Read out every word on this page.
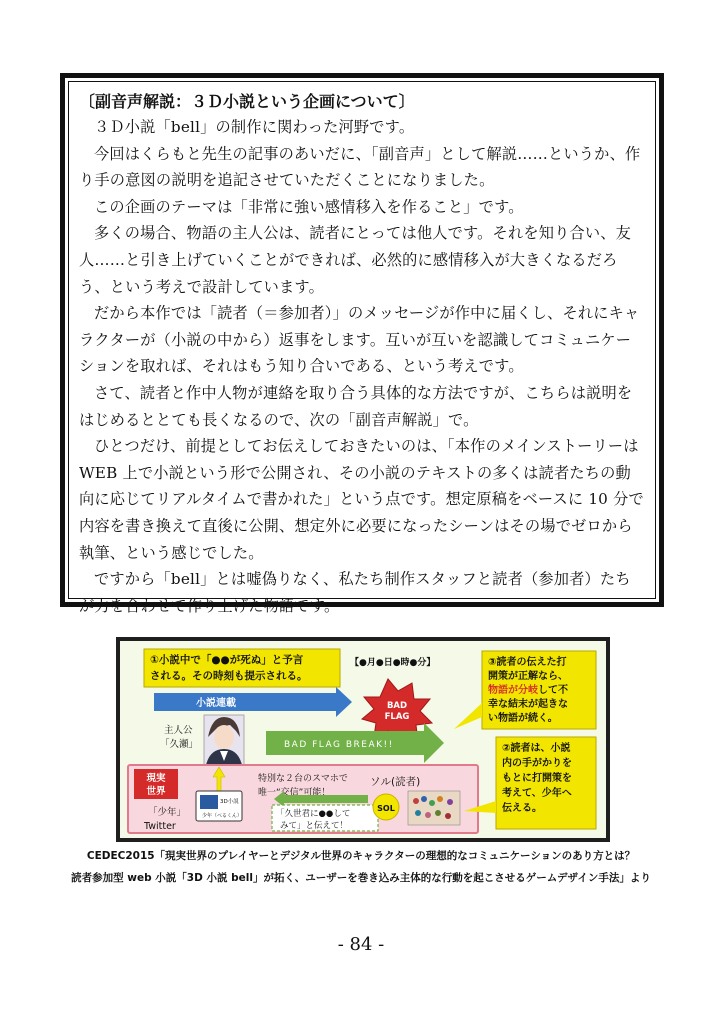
〔副音声解説：３Ｄ小説という企画について〕

３Ｄ小説「bell」の制作に関わった河野です。

今回はくらもと先生の記事のあいだに、「副音声」として解説……というか、作り手の意図の説明を追記させていただくことになりました。

この企画のテーマは「非常に強い感情移入を作ること」です。

多くの場合、物語の主人公は、読者にとっては他人です。それを知り合い、友人……と引き上げていくことができれば、必然的に感情移入が大きくなるだろう、という考えで設計しています。

だから本作では「読者（＝参加者）」のメッセージが作中に届くし、それにキャラクターが（小説の中から）返事をします。互いが互いを認識してコミュニケーションを取れば、それはもう知り合いである、という考えです。

さて、読者と作中人物が連絡を取り合う具体的な方法ですが、こちらは説明をはじめるととても長くなるので、次の「副音声解説」で。

ひとつだけ、前提としてお伝えしておきたいのは、「本作のメインストーリーは WEB 上で小説という形で公開され、その小説のテキストの多くは読者たちの動向に応じてリアルタイムで書かれた」という点です。想定原稿をベースに 10 分で内容を書き換えて直後に公開、想定外に必要になったシーンはその場でゼロから執筆、という感じでした。

ですから「bell」とは嘘偽りなく、私たち制作スタッフと読者（参加者）たちが力を合わせて作り上げた物語です。

①小説中で「●●が死ぬ」と予言
される。その時刻も提示される。
【●月●日●時●分】
小説連載	BAD
FLAG
③読者の伝えた打
開策が正解なら、
物語が分岐して不
幸な結末が起きな
い物語が続く。
主人公
「久瀬」	BAD FLAG BREAK!!
現実
世界
3D小説
少年（べるくん）
「少年」
Twitter
特別な２台のスマホで
唯一“交信”可能！
「久世君に●●して
みて」と伝えて！
ソル(読者)
SOL
②読者は、小説
内の手がかりを
もとに打開策を
考えて、少年へ
伝える。
CEDEC2015「現実世界のプレイヤーとデジタル世界のキャラクターの理想的なコミュニケーションのあり方とは？
読者参加型 web 小説「3D 小説 bell」が拓く、ユーザーを巻き込み主体的な行動を起こさせるゲームデザイン手法」より
- 84 -
